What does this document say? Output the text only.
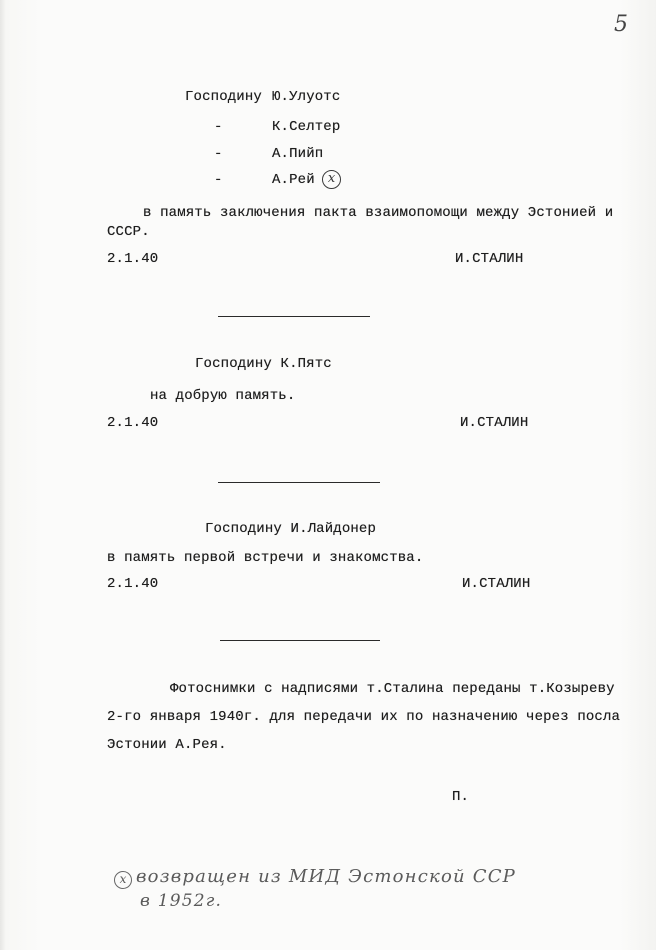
5
Господину Ю.Улуотс
-	К.Селтер
-	А.Пийп
-	А.Рей	x
в память заключения пакта взаимопомощи между Эстонией и
СССР.
2.1.40	И.СТАЛИН
Господину К.Пятс
на добрую память.
2.1.40	И.СТАЛИН
Господину И.Лайдонер
в память первой встречи и знакомства.
2.1.40	И.СТАЛИН
Фотоснимки с надписями т.Сталина переданы т.Козыреву
2-го января 1940г. для передачи их по назначению через посла
Эстонии А.Рея.
П.
x возвращен из МИД Эстонской ССР
в 1952г.
